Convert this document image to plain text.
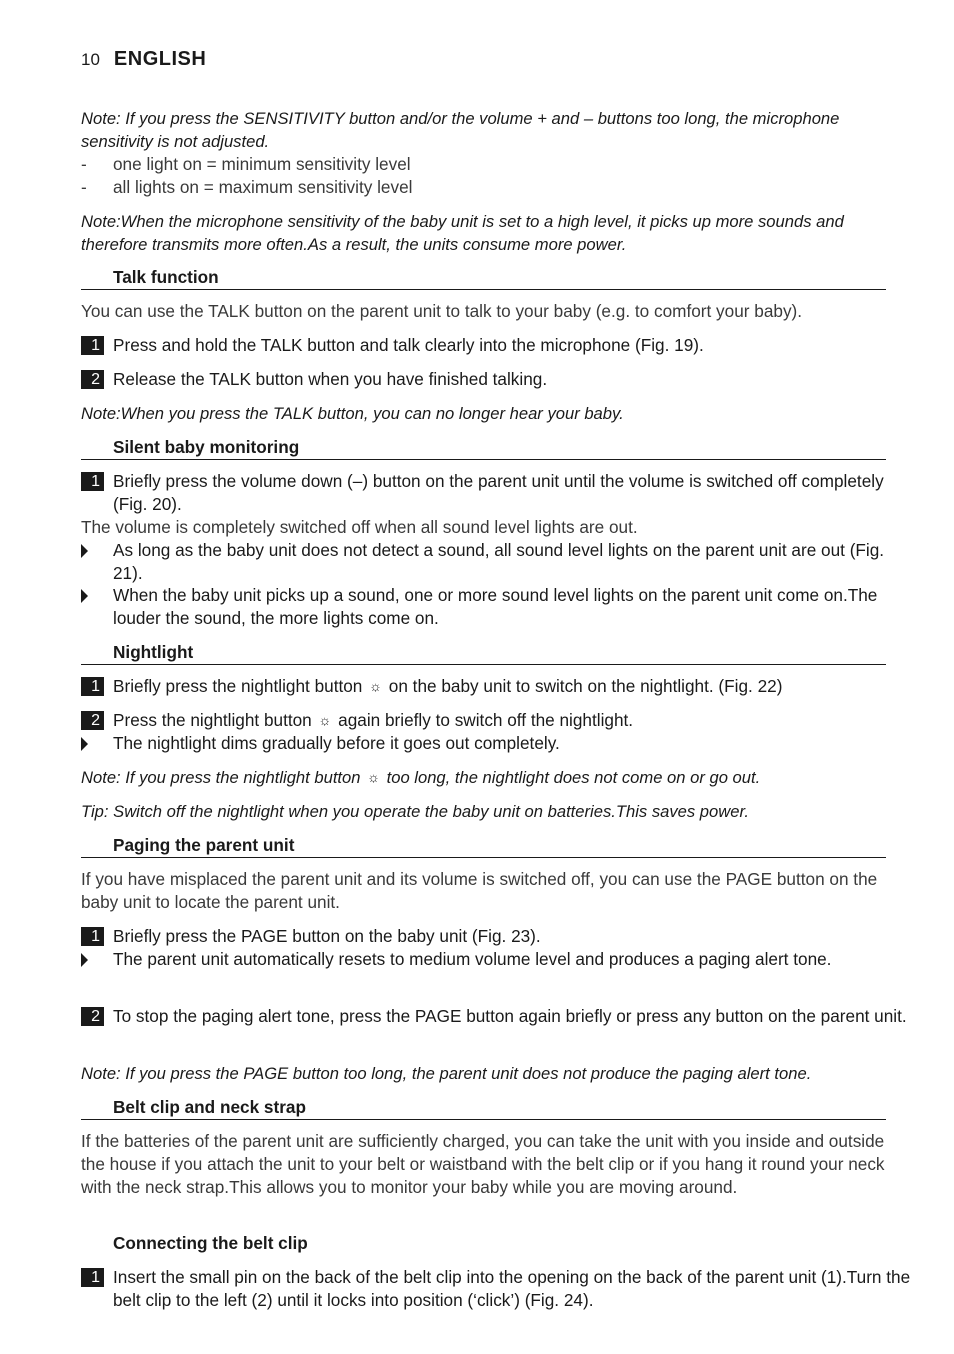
10 ENGLISH
Note: If you press the SENSITIVITY button and/or the volume + and – buttons too long, the microphone sensitivity is not adjusted.
- one light on = minimum sensitivity level
- all lights on = maximum sensitivity level
Note:When the microphone sensitivity of the baby unit is set to a high level, it picks up more sounds and therefore transmits more often.As a result, the units consume more power.
Talk function
You can use the TALK button on the parent unit to talk to your baby (e.g. to comfort your baby).
1 Press and hold the TALK button and talk clearly into the microphone (Fig. 19).
2 Release the TALK button when you have finished talking.
Note:When you press the TALK button, you can no longer hear your baby.
Silent baby monitoring
1 Briefly press the volume down (–) button on the parent unit until the volume is switched off completely (Fig. 20).
The volume is completely switched off when all sound level lights are out.
As long as the baby unit does not detect a sound, all sound level lights on the parent unit are out (Fig. 21).
When the baby unit picks up a sound, one or more sound level lights on the parent unit come on.The louder the sound, the more lights come on.
Nightlight
1 Briefly press the nightlight button ☼ on the baby unit to switch on the nightlight. (Fig. 22)
2 Press the nightlight button ☼ again briefly to switch off the nightlight.
The nightlight dims gradually before it goes out completely.
Note: If you press the nightlight button ☼ too long, the nightlight does not come on or go out.
Tip: Switch off the nightlight when you operate the baby unit on batteries.This saves power.
Paging the parent unit
If you have misplaced the parent unit and its volume is switched off, you can use the PAGE button on the baby unit to locate the parent unit.
1 Briefly press the PAGE button on the baby unit (Fig. 23).
The parent unit automatically resets to medium volume level and produces a paging alert tone.
2 To stop the paging alert tone, press the PAGE button again briefly or press any button on the parent unit.
Note: If you press the PAGE button too long, the parent unit does not produce the paging alert tone.
Belt clip and neck strap
If the batteries of the parent unit are sufficiently charged, you can take the unit with you inside and outside the house if you attach the unit to your belt or waistband with the belt clip or if you hang it round your neck with the neck strap.This allows you to monitor your baby while you are moving around.
Connecting the belt clip
1 Insert the small pin on the back of the belt clip into the opening on the back of the parent unit (1).Turn the belt clip to the left (2) until it locks into position (‘click’) (Fig. 24).
